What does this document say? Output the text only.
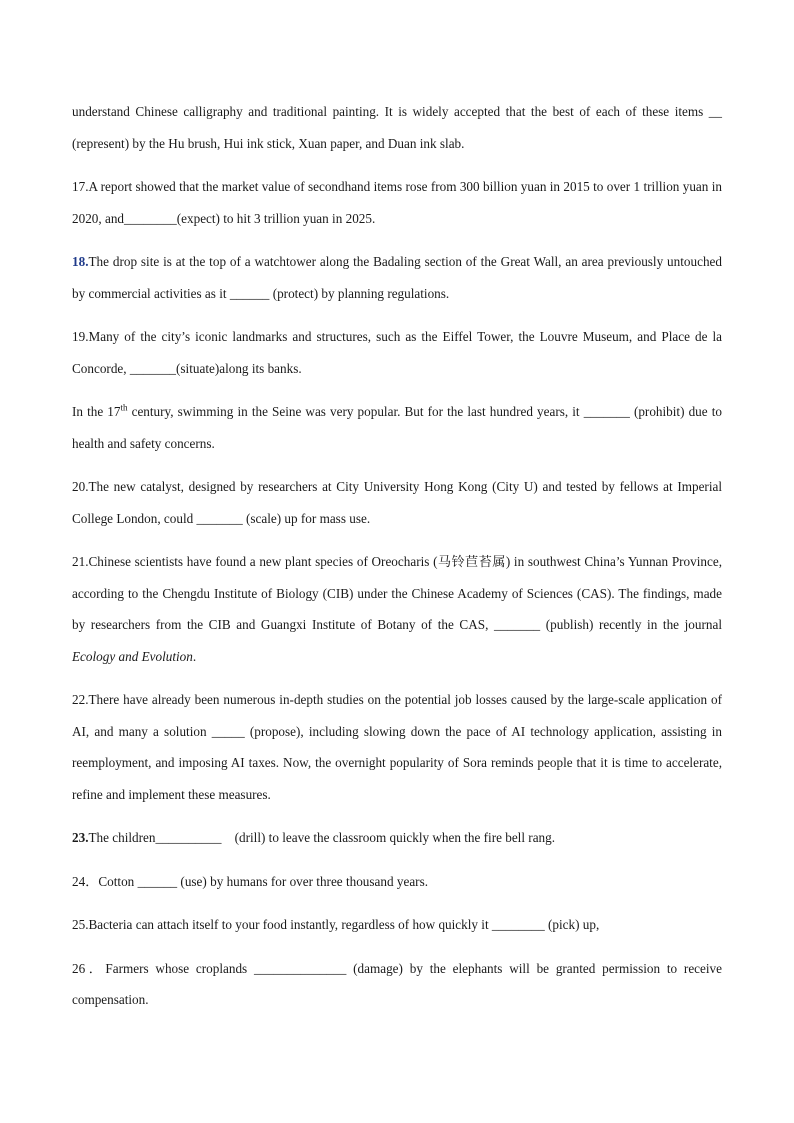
understand Chinese calligraphy and traditional painting. It is widely accepted that the best of each of these items __ (represent) by the Hu brush, Hui ink stick, Xuan paper, and Duan ink slab.

17.A report showed that the market value of secondhand items rose from 300 billion yuan in 2015 to over 1 trillion yuan in 2020, and________(expect) to hit 3 trillion yuan in 2025.

18.The drop site is at the top of a watchtower along the Badaling section of the Great Wall, an area previously untouched by commercial activities as it ______ (protect) by planning regulations.

19.Many of the city’s iconic landmarks and structures, such as the Eiffel Tower, the Louvre Museum, and Place de la Concorde, _______(situate)along its banks.

In the 17th century, swimming in the Seine was very popular. But for the last hundred years, it _______ (prohibit) due to health and safety concerns.

20.The new catalyst, designed by researchers at City University Hong Kong (City U) and tested by fellows at Imperial College London, could _______ (scale) up for mass use.

21.Chinese scientists have found a new plant species of Oreocharis (马铃苣苔属) in southwest China’s Yunnan Province, according to the Chengdu Institute of Biology (CIB) under the Chinese Academy of Sciences (CAS). The findings, made by researchers from the CIB and Guangxi Institute of Botany of the CAS, _______ (publish) recently in the journal Ecology and Evolution.

22.There have already been numerous in-depth studies on the potential job losses caused by the large-scale application of AI, and many a solution _____ (propose), including slowing down the pace of AI technology application, assisting in reemployment, and imposing AI taxes. Now, the overnight popularity of Sora reminds people that it is time to accelerate, refine and implement these measures.

23.The children__________    (drill) to leave the classroom quickly when the fire bell rang.

24．Cotton ______ (use) by humans for over three thousand years.

25.Bacteria can attach itself to your food instantly, regardless of how quickly it ________ (pick) up,

26．Farmers whose croplands ______________ (damage) by the elephants will be granted permission to receive compensation.
